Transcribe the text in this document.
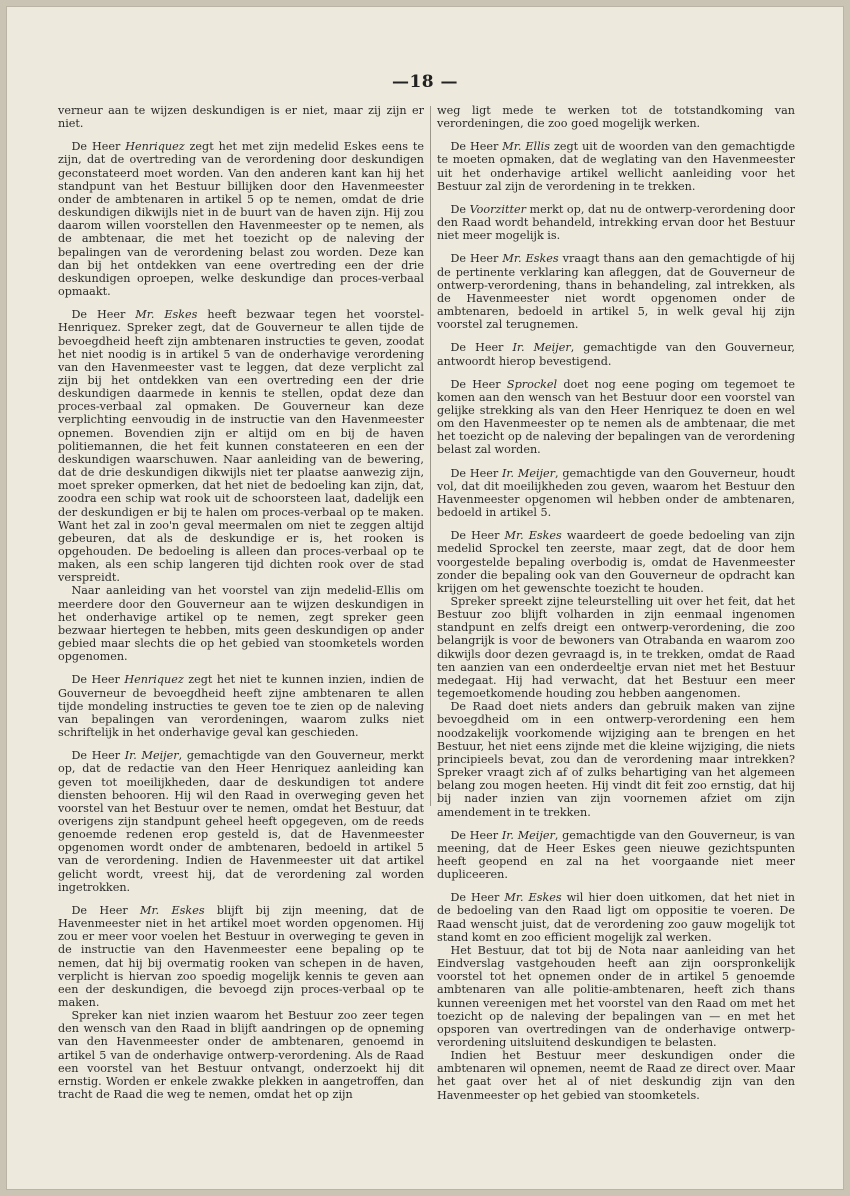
—18 —

verneur aan te wijzen deskundigen is er niet, maar zij zijn er niet.

De Heer Henriquez zegt het met zijn medelid Eskes eens te zijn, dat de overtreding van de verordening door deskundigen geconstateerd moet worden. Van den anderen kant kan hij het standpunt van het Bestuur billijken door den Havenmeester onder de ambtenaren in artikel 5 op te nemen, omdat de drie deskundigen dikwijls niet in de buurt van de haven zijn. Hij zou daarom willen voorstellen den Havenmeester op te nemen, als de ambtenaar, die met het toezicht op de naleving der bepalingen van de verordening belast zou worden. Deze kan dan bij het ontdekken van eene overtreding een der drie deskundigen oproepen, welke deskundige dan proces-verbaal opmaakt.

De Heer Mr. Eskes heeft bezwaar tegen het voorstel-Henriquez. Spreker zegt, dat de Gouverneur te allen tijde de bevoegdheid heeft zijn ambtenaren instructies te geven, zoodat het niet noodig is in artikel 5 van de onderhavige verordening van den Havenmeester vast te leggen, dat deze verplicht zal zijn bij het ontdekken van een overtreding een der drie deskundigen daarmede in kennis te stellen, opdat deze dan proces-verbaal zal opmaken. De Gouverneur kan deze verplichting eenvoudig in de instructie van den Havenmeester opnemen. Bovendien zijn er altijd om en bij de haven politiemannen, die het feit kunnen constateeren en een der deskundigen waarschuwen. Naar aanleiding van de bewering, dat de drie deskundigen dikwijls niet ter plaatse aanwezig zijn, moet spreker opmerken, dat het niet de bedoeling kan zijn, dat, zoodra een schip wat rook uit de schoorsteen laat, dadelijk een der deskundigen er bij te halen om proces-verbaal op te maken. Want het zal in zoo'n geval meermalen om niet te zeggen altijd gebeuren, dat als de deskundige er is, het rooken is opgehouden. De bedoeling is alleen dan proces-verbaal op te maken, als een schip langeren tijd dichten rook over de stad verspreidt.

Naar aanleiding van het voorstel van zijn medelid-Ellis om meerdere door den Gouverneur aan te wijzen deskundigen in het onderhavige artikel op te nemen, zegt spreker geen bezwaar hiertegen te hebben, mits geen deskundigen op ander gebied maar slechts die op het gebied van stoomketels worden opgenomen.

De Heer Henriquez zegt het niet te kunnen inzien, indien de Gouverneur de bevoegdheid heeft zijne ambtenaren te allen tijde mondeling instructies te geven toe te zien op de naleving van bepalingen van verordeningen, waarom zulks niet schriftelijk in het onderhavige geval kan geschieden.

De Heer Ir. Meijer, gemachtigde van den Gouverneur, merkt op, dat de redactie van den Heer Henriquez aanleiding kan geven tot moeilijkheden, daar de deskundigen tot andere diensten behooren. Hij wil den Raad in overweging geven het voorstel van het Bestuur over te nemen, omdat het Bestuur, dat overigens zijn standpunt geheel heeft opgegeven, om de reeds genoemde redenen erop gesteld is, dat de Havenmeester opgenomen wordt onder de ambtenaren, bedoeld in artikel 5 van de verordening. Indien de Havenmeester uit dat artikel gelicht wordt, vreest hij, dat de verordening zal worden ingetrokken.

De Heer Mr. Eskes blijft bij zijn meening, dat de Havenmeester niet in het artikel moet worden opgenomen. Hij zou er meer voor voelen het Bestuur in overweging te geven in de instructie van den Havenmeester eene bepaling op te nemen, dat hij bij overmatig rooken van schepen in de haven, verplicht is hiervan zoo spoedig mogelijk kennis te geven aan een der deskundigen, die bevoegd zijn proces-verbaal op te maken.

Spreker kan niet inzien waarom het Bestuur zoo zeer tegen den wensch van den Raad in blijft aandringen op de opneming van den Havenmeester onder de ambtenaren, genoemd in artikel 5 van de onderhavige ontwerp-verordening. Als de Raad een voorstel van het Bestuur ontvangt, onderzoekt hij dit ernstig. Worden er enkele zwakke plekken in aangetroffen, dan tracht de Raad die weg te nemen, omdat het op zijn

weg ligt mede te werken tot de totstandkoming van verordeningen, die zoo goed mogelijk werken.

De Heer Mr. Ellis zegt uit de woorden van den gemachtigde te moeten opmaken, dat de weglating van den Havenmeester uit het onderhavige artikel wellicht aanleiding voor het Bestuur zal zijn de verordening in te trekken.

De Voorzitter merkt op, dat nu de ontwerp-verordening door den Raad wordt behandeld, intrekking ervan door het Bestuur niet meer mogelijk is.

De Heer Mr. Eskes vraagt thans aan den gemachtigde of hij de pertinente verklaring kan afleggen, dat de Gouverneur de ontwerp-verordening, thans in behandeling, zal intrekken, als de Havenmeester niet wordt opgenomen onder de ambtenaren, bedoeld in artikel 5, in welk geval hij zijn voorstel zal terugnemen.

De Heer Ir. Meijer, gemachtigde van den Gouverneur, antwoordt hierop bevestigend.

De Heer Sprockel doet nog eene poging om tegemoet te komen aan den wensch van het Bestuur door een voorstel van gelijke strekking als van den Heer Henriquez te doen en wel om den Havenmeester op te nemen als de ambtenaar, die met het toezicht op de naleving der bepalingen van de verordening belast zal worden.

De Heer Ir. Meijer, gemachtigde van den Gouverneur, houdt vol, dat dit moeilijkheden zou geven, waarom het Bestuur den Havenmeester opgenomen wil hebben onder de ambtenaren, bedoeld in artikel 5.

De Heer Mr. Eskes waardeert de goede bedoeling van zijn medelid Sprockel ten zeerste, maar zegt, dat de door hem voorgestelde bepaling overbodig is, omdat de Havenmeester zonder die bepaling ook van den Gouverneur de opdracht kan krijgen om het gewenschte toezicht te houden.

Spreker spreekt zijne teleurstelling uit over het feit, dat het Bestuur zoo blijft volharden in zijn eenmaal ingenomen standpunt en zelfs dreigt een ontwerp-verordening, die zoo belangrijk is voor de bewoners van Otrabanda en waarom zoo dikwijls door dezen gevraagd is, in te trekken, omdat de Raad ten aanzien van een onderdeeltje ervan niet met het Bestuur medegaat. Hij had verwacht, dat het Bestuur een meer tegemoetkomende houding zou hebben aangenomen.

De Raad doet niets anders dan gebruik maken van zijne bevoegdheid om in een ontwerp-verordening een hem noodzakelijk voorkomende wijziging aan te brengen en het Bestuur, het niet eens zijnde met die kleine wijziging, die niets principieels bevat, zou dan de verordening maar intrekken? Spreker vraagt zich af of zulks behartiging van het algemeen belang zou mogen heeten. Hij vindt dit feit zoo ernstig, dat hij bij nader inzien van zijn voornemen afziet om zijn amendement in te trekken.

De Heer Ir. Meijer, gemachtigde van den Gouverneur, is van meening, dat de Heer Eskes geen nieuwe gezichtspunten heeft geopend en zal na het voorgaande niet meer dupliceeren.

De Heer Mr. Eskes wil hier doen uitkomen, dat het niet in de bedoeling van den Raad ligt om oppositie te voeren. De Raad wenscht juist, dat de verordening zoo gauw mogelijk tot stand komt en zoo efficient mogelijk zal werken.

Het Bestuur, dat tot bij de Nota naar aanleiding van het Eindverslag vastgehouden heeft aan zijn oorspronkelijk voorstel tot het opnemen onder de in artikel 5 genoemde ambtenaren van alle politie-ambtenaren, heeft zich thans kunnen vereenigen met het voorstel van den Raad om met het toezicht op de naleving der bepalingen van — en met het opsporen van overtredingen van de onderhavige ontwerp-verordening uitsluitend deskundigen te belasten.

Indien het Bestuur meer deskundigen onder die ambtenaren wil opnemen, neemt de Raad ze direct over. Maar het gaat over het al of niet deskundig zijn van den Havenmeester op het gebied van stoomketels.
